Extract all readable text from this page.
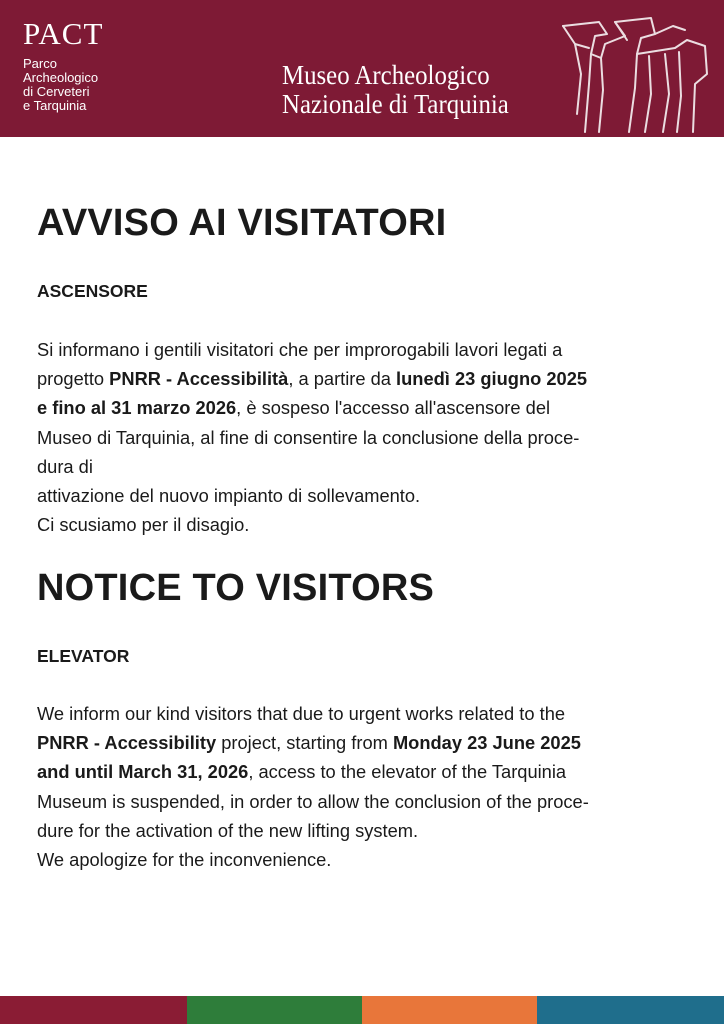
PACT
Parco
Archeologico
di Cerveteri
e Tarquinia
Museo Archeologico
Nazionale di Tarquinia
AVVISO AI VISITATORI
ASCENSORE
Si informano i gentili visitatori che per improrogabili lavori legati a
progetto PNRR - Accessibilità, a partire da lunedì 23 giugno 2025
e fino al 31 marzo 2026, è sospeso l'accesso all'ascensore del
Museo di Tarquinia, al fine di consentire la conclusione della proce-
dura di
attivazione del nuovo impianto di sollevamento.
Ci scusiamo per il disagio.
NOTICE TO VISITORS
ELEVATOR
We inform our kind visitors that due to urgent works related to the
PNRR - Accessibility project, starting from Monday 23 June 2025
and until March 31, 2026, access to the elevator of the Tarquinia
Museum is suspended, in order to allow the conclusion of the proce-
dure for the activation of the new lifting system.
We apologize for the inconvenience.
